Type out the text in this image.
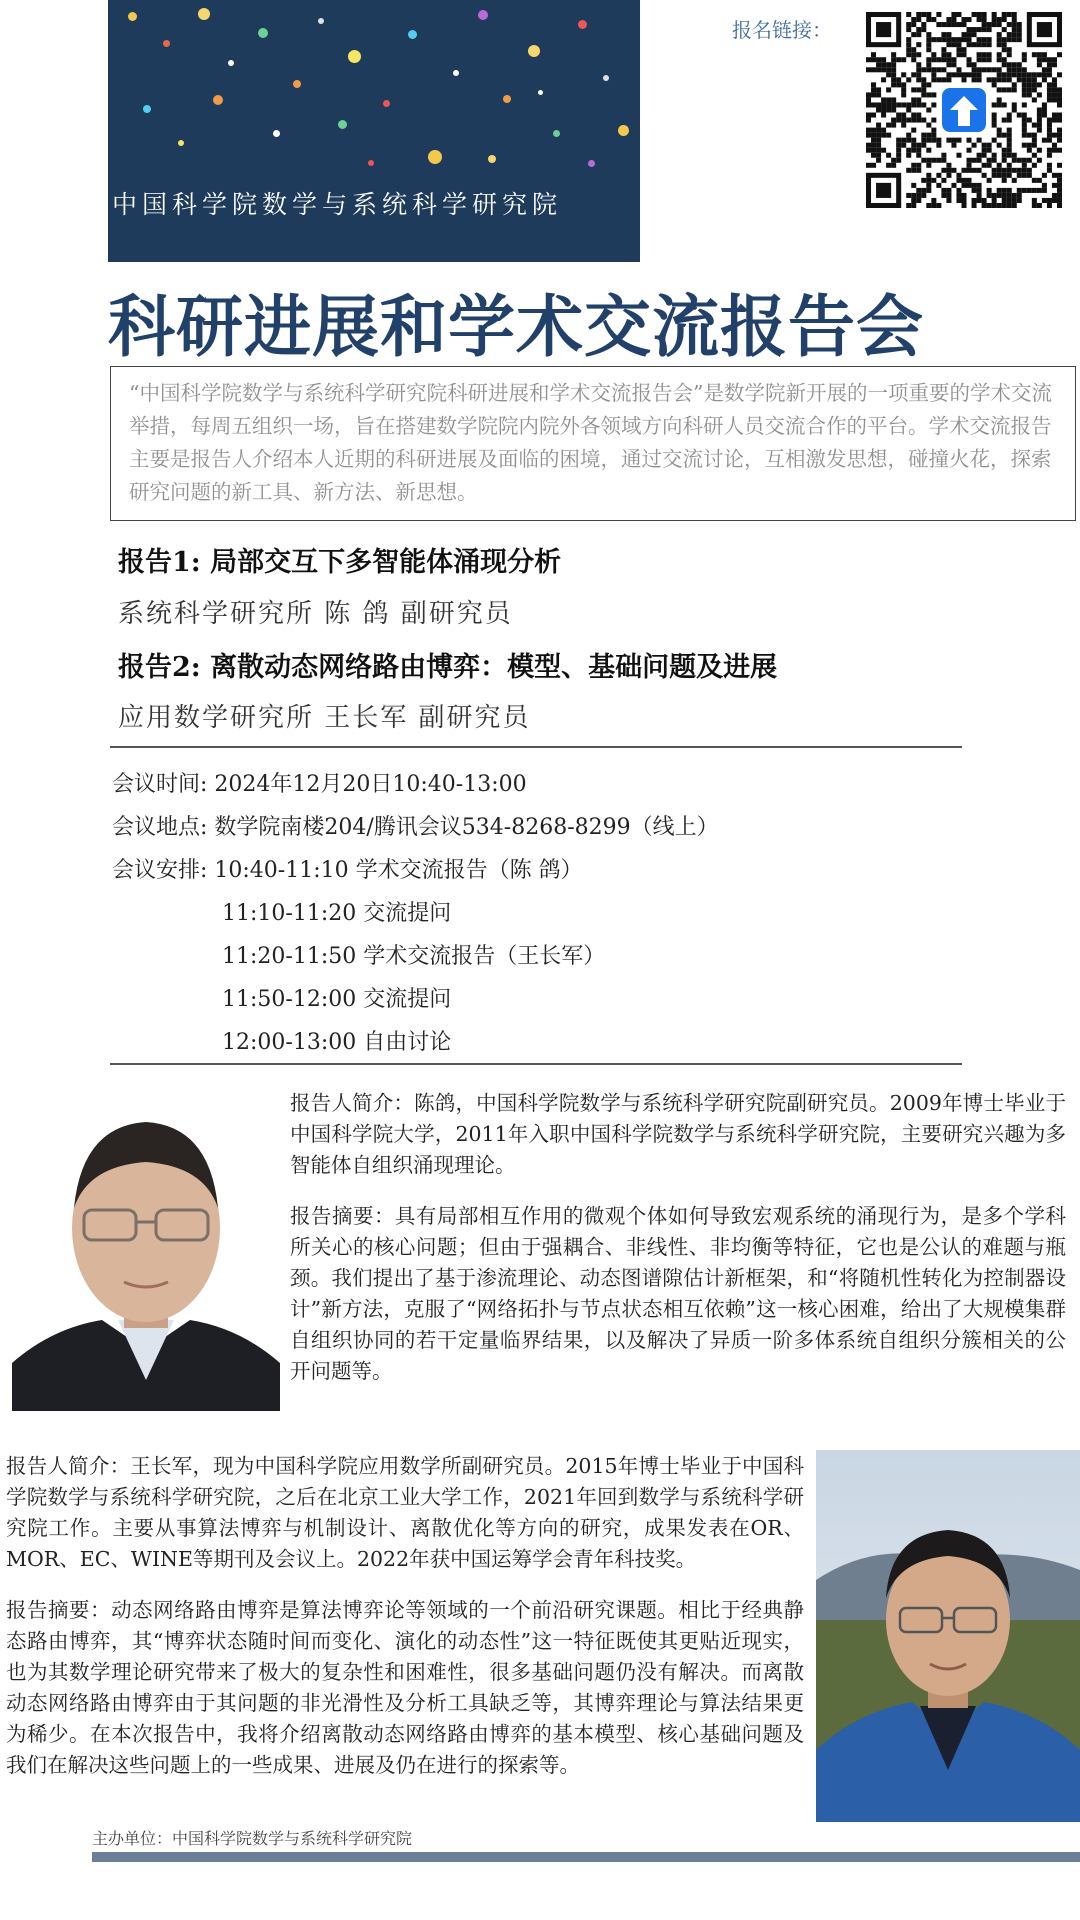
中国科学院数学与系统科学研究院
报名链接：
科研进展和学术交流报告会
“中国科学院数学与系统科学研究院科研进展和学术交流报告会”是数学院新开展的一项重要的学术交流举措，每周五组织一场，旨在搭建数学院院内院外各领域方向科研人员交流合作的平台。学术交流报告主要是报告人介绍本人近期的科研进展及面临的困境，通过交流讨论，互相激发思想，碰撞火花，探索研究问题的新工具、新方法、新思想。
报告1: 局部交互下多智能体涌现分析
系统科学研究所 陈 鸽 副研究员
报告2: 离散动态网络路由博弈：模型、基础问题及进展
应用数学研究所 王长军 副研究员
会议时间: 2024年12月20日10:40-13:00
会议地点: 数学院南楼204/腾讯会议534-8268-8299（线上）
会议安排: 10:40-11:10 学术交流报告（陈 鸽）
11:10-11:20 交流提问
11:20-11:50 学术交流报告（王长军）
11:50-12:00 交流提问
12:00-13:00 自由讨论

报告人简介：陈鸽，中国科学院数学与系统科学研究院副研究员。2009年博士毕业于中国科学院大学，2011年入职中国科学院数学与系统科学研究院，主要研究兴趣为多智能体自组织涌现理论。

报告摘要：具有局部相互作用的微观个体如何导致宏观系统的涌现行为，是多个学科所关心的核心问题；但由于强耦合、非线性、非均衡等特征，它也是公认的难题与瓶颈。我们提出了基于渗流理论、动态图谱隙估计新框架，和“将随机性转化为控制器设计”新方法，克服了“网络拓扑与节点状态相互依赖”这一核心困难，给出了大规模集群自组织协同的若干定量临界结果，以及解决了异质一阶多体系统自组织分簇相关的公开问题等。

报告人简介：王长军，现为中国科学院应用数学所副研究员。2015年博士毕业于中国科学院数学与系统科学研究院，之后在北京工业大学工作，2021年回到数学与系统科学研究院工作。主要从事算法博弈与机制设计、离散优化等方向的研究，成果发表在OR、MOR、EC、WINE等期刊及会议上。2022年获中国运筹学会青年科技奖。

报告摘要：动态网络路由博弈是算法博弈论等领域的一个前沿研究课题。相比于经典静态路由博弈，其“博弈状态随时间而变化、演化的动态性”这一特征既使其更贴近现实，也为其数学理论研究带来了极大的复杂性和困难性，很多基础问题仍没有解决。而离散动态网络路由博弈由于其问题的非光滑性及分析工具缺乏等，其博弈理论与算法结果更为稀少。在本次报告中，我将介绍离散动态网络路由博弈的基本模型、核心基础问题及我们在解决这些问题上的一些成果、进展及仍在进行的探索等。

主办单位：中国科学院数学与系统科学研究院
